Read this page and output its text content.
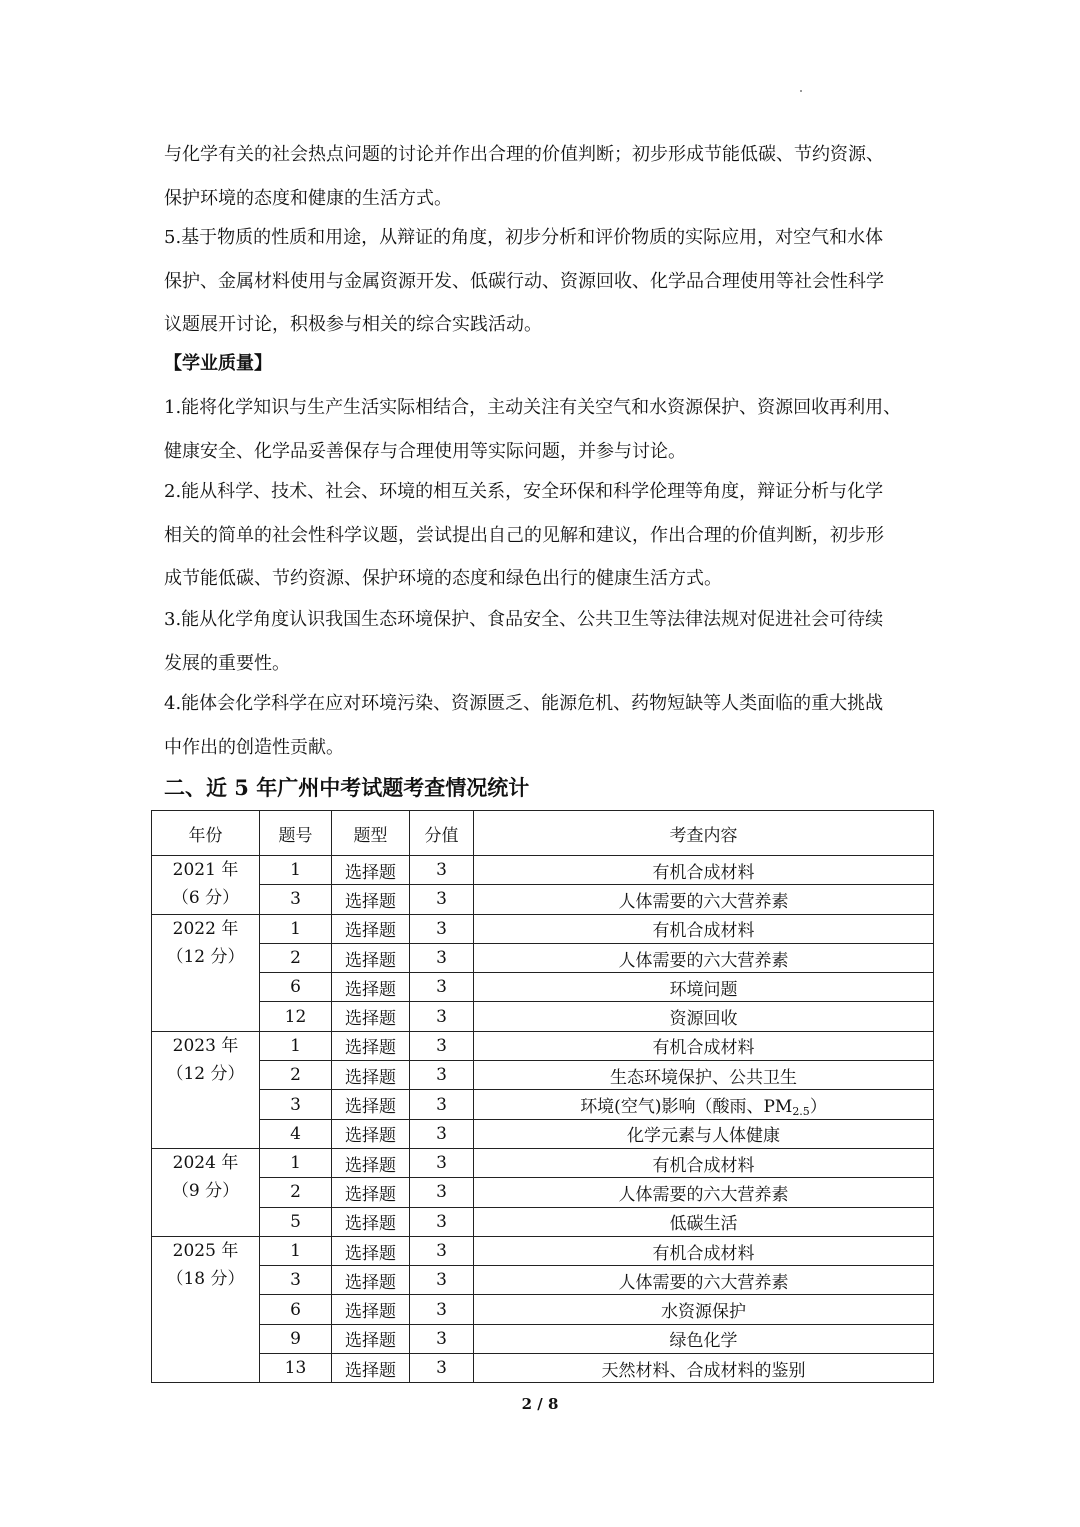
与化学有关的社会热点问题的讨论并作出合理的价值判断；初步形成节能低碳、节约资源、
保护环境的态度和健康的生活方式。

5.基于物质的性质和用途，从辩证的角度，初步分析和评价物质的实际应用，对空气和水体
保护、金属材料使用与金属资源开发、低碳行动、资源回收、化学品合理使用等社会性科学
议题展开讨论，积极参与相关的综合实践活动。

【学业质量】

1.能将化学知识与生产生活实际相结合，主动关注有关空气和水资源保护、资源回收再利用、
健康安全、化学品妥善保存与合理使用等实际问题，并参与讨论。

2.能从科学、技术、社会、环境的相互关系，安全环保和科学伦理等角度，辩证分析与化学
相关的简单的社会性科学议题，尝试提出自己的见解和建议，作出合理的价值判断，初步形
成节能低碳、节约资源、保护环境的态度和绿色出行的健康生活方式。

3.能从化学角度认识我国生态环境保护、食品安全、公共卫生等法律法规对促进社会可待续
发展的重要性。

4.能体会化学科学在应对环境污染、资源匮乏、能源危机、药物短缺等人类面临的重大挑战
中作出的创造性贡献。

二、近 5 年广州中考试题考查情况统计
年份	题号	题型	分值	考查内容

2021 年
（6 分）	1	选择题	3	有机合成材料
	3	选择题	3	人体需要的六大营养素

2022 年
（12 分）	1	选择题	3	有机合成材料
	2	选择题	3	人体需要的六大营养素
	6	选择题	3	环境问题
	12	选择题	3	资源回收

2023 年
（12 分）	1	选择题	3	有机合成材料
	2	选择题	3	生态环境保护、公共卫生
	3	选择题	3	环境(空气)影响（酸雨、$PM_{2.5}$）
	4	选择题	3	化学元素与人体健康

2024 年
（9 分）	1	选择题	3	有机合成材料
	2	选择题	3	人体需要的六大营养素
	5	选择题	3	低碳生活

2025 年
（18 分）	1	选择题	3	有机合成材料
	3	选择题	3	人体需要的六大营养素
	6	选择题	3	水资源保护
	9	选择题	3	绿色化学
	13	选择题	3	天然材料、合成材料的鉴别
2 / 8
